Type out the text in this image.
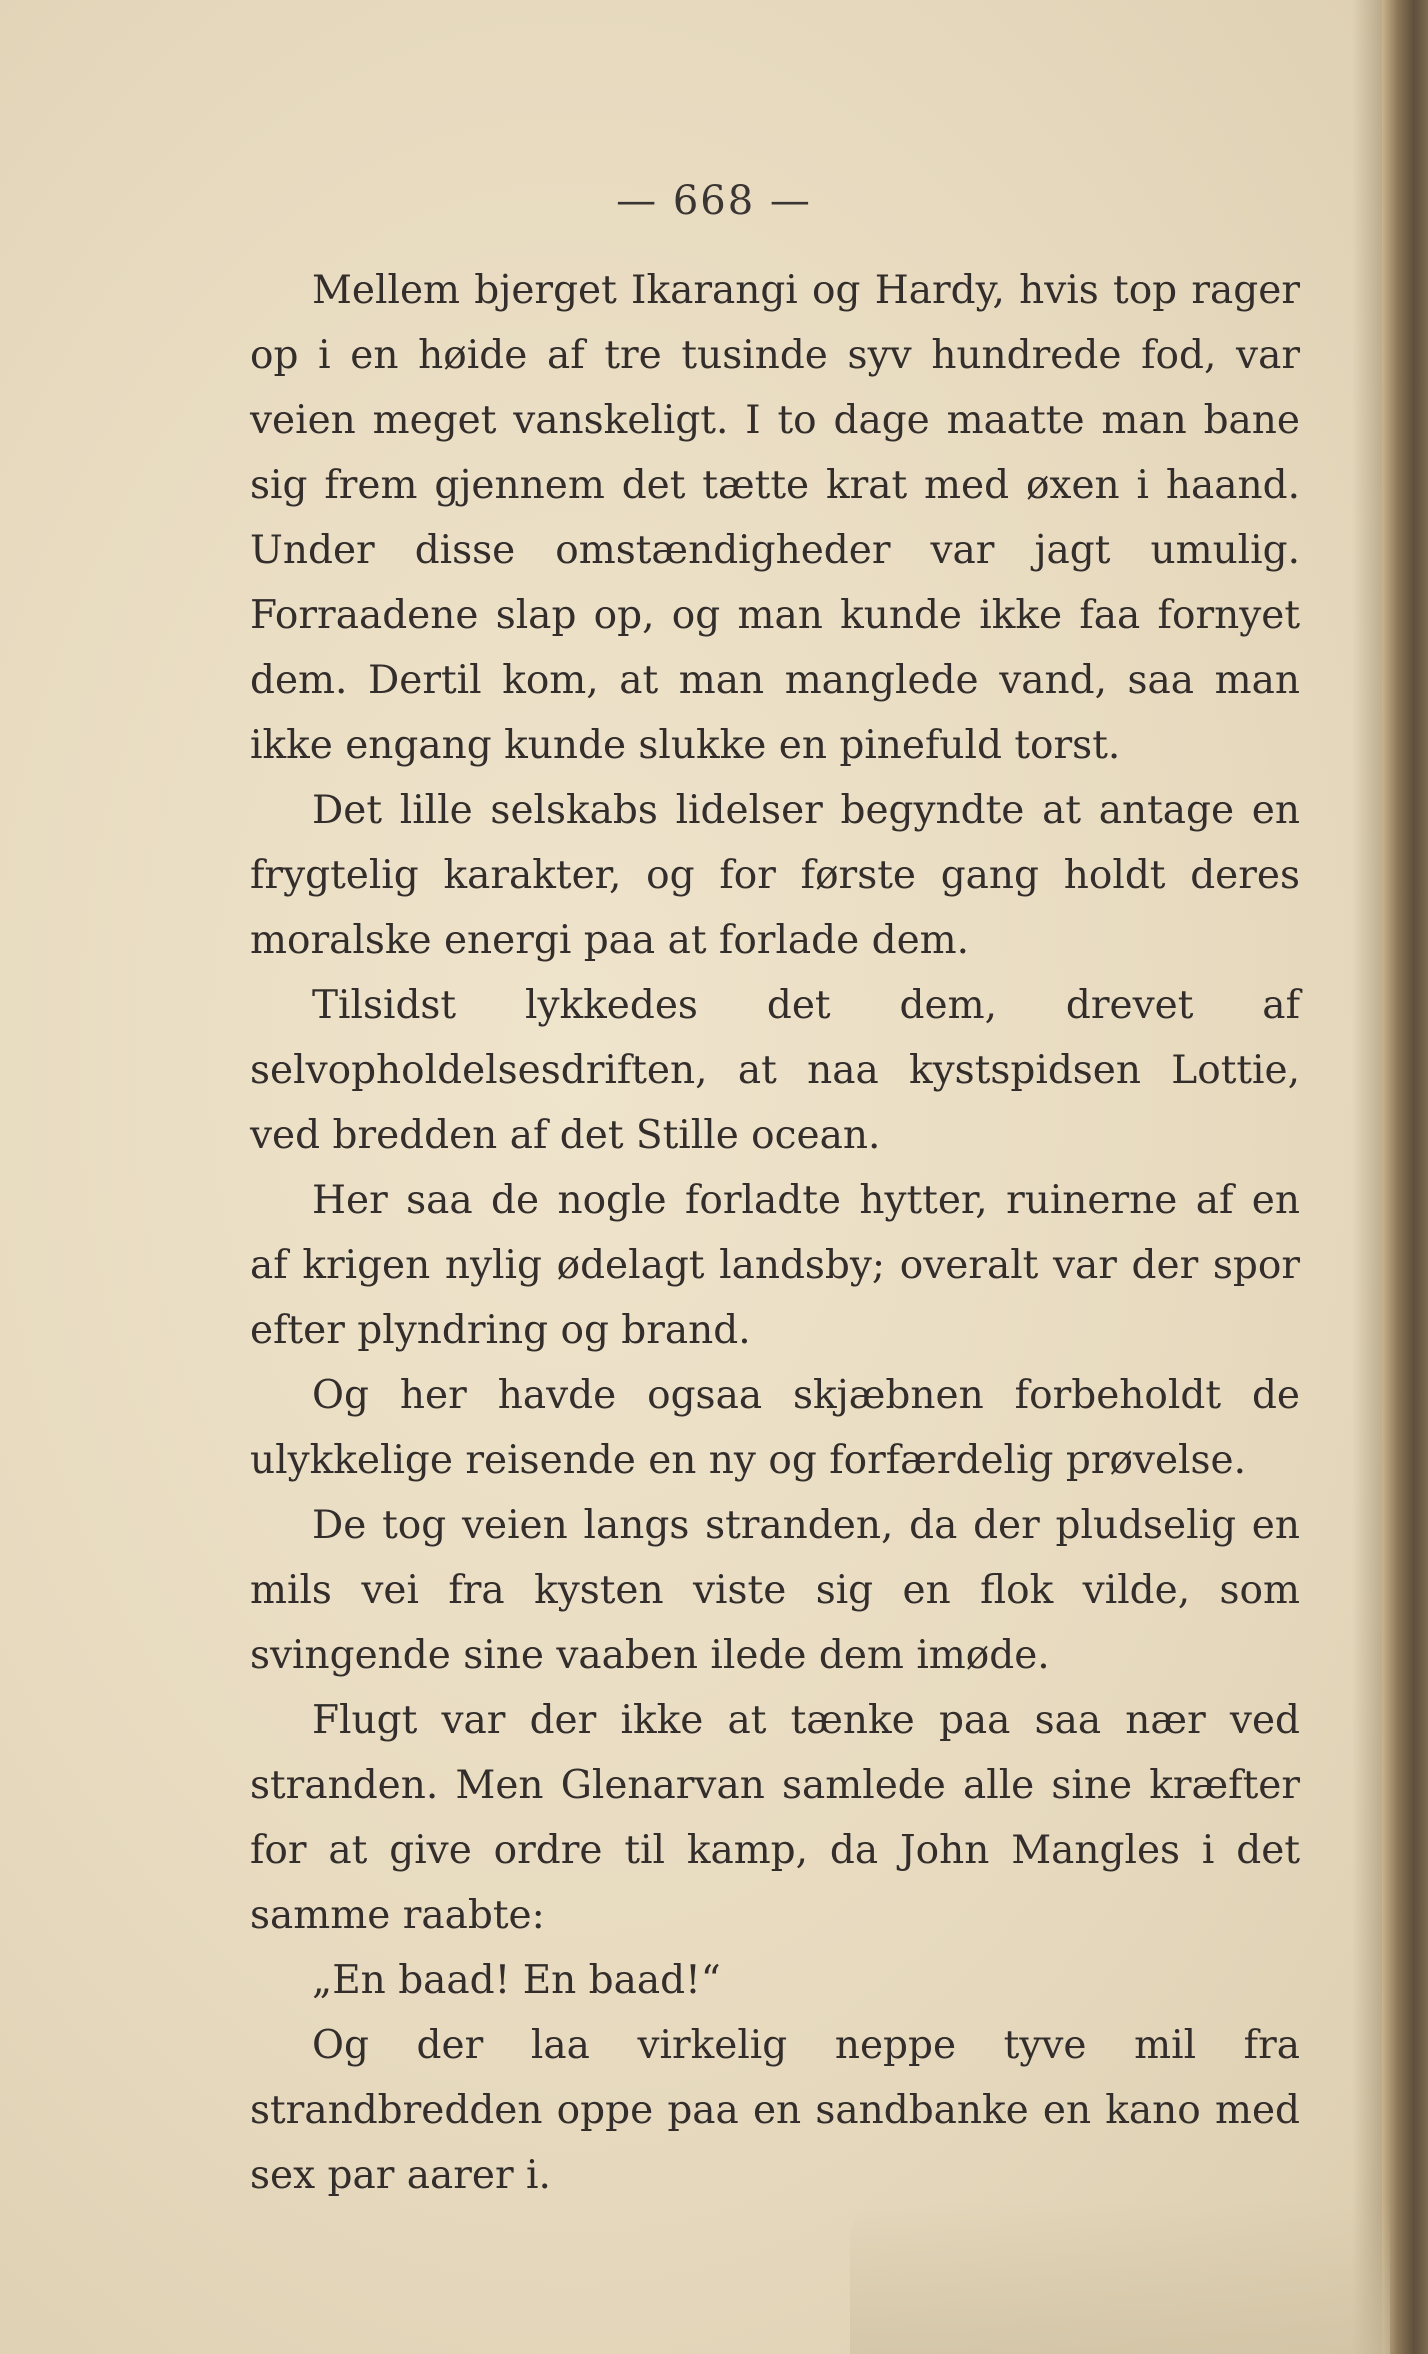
— 668 —

Mellem bjerget Ikarangi og Hardy, hvis top rager op i en høide af tre tusinde syv hundrede fod, var veien meget vanskeligt. I to dage maatte man bane sig frem gjennem det tætte krat med øxen i haand. Under disse omstændigheder var jagt umulig. Forraadene slap op, og man kunde ikke faa fornyet dem. Dertil kom, at man manglede vand, saa man ikke engang kunde slukke en pinefuld torst.

Det lille selskabs lidelser begyndte at antage en frygtelig karakter, og for første gang holdt deres moralske energi paa at forlade dem.

Tilsidst lykkedes det dem, drevet af selvopholdelsesdriften, at naa kystspidsen Lottie, ved bredden af det Stille ocean.

Her saa de nogle forladte hytter, ruinerne af en af krigen nylig ødelagt landsby; overalt var der spor efter plyndring og brand.

Og her havde ogsaa skjæbnen forbeholdt de ulykkelige reisende en ny og forfærdelig prøvelse.

De tog veien langs stranden, da der pludselig en mils vei fra kysten viste sig en flok vilde, som svingende sine vaaben ilede dem imøde.

Flugt var der ikke at tænke paa saa nær ved stranden. Men Glenarvan samlede alle sine kræfter for at give ordre til kamp, da John Mangles i det samme raabte:

„En baad! En baad!“

Og der laa virkelig neppe tyve mil fra strandbredden oppe paa en sandbanke en kano med sex par aarer i.
